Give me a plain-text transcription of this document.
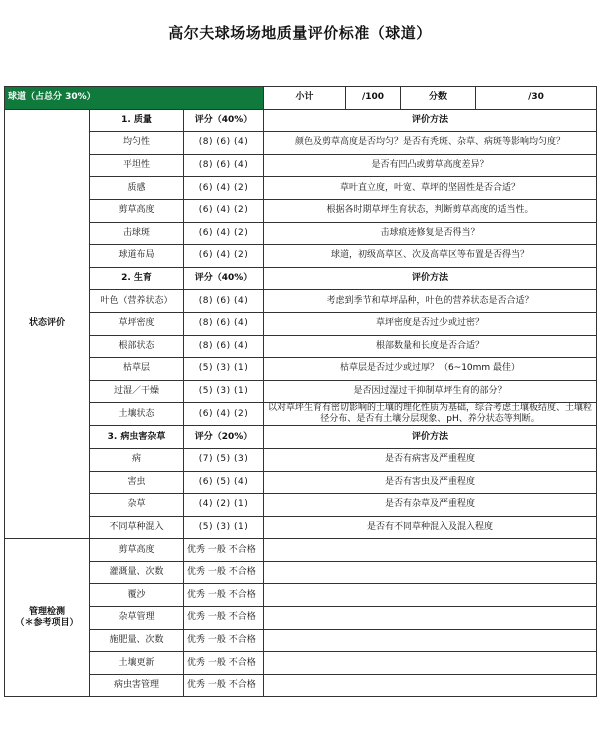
高尔夫球场场地质量评价标准（球道）
球道（占总分 30%）			小计	/100	分数	/30
状态评价	1. 质量	评分（40%）	评价方法			
	均匀性	(8) (6) (4)	颜色及剪草高度是否均匀？是否有秃斑、杂草、病斑等影响均匀度？			
	平坦性	(8) (6) (4)	是否有凹凸或剪草高度差异？			
	质感	(6) (4) (2)	草叶直立度，叶宽、草坪的坚固性是否合适？			
	剪草高度	(6) (4) (2)	根据各时期草坪生育状态，判断剪草高度的适当性。			
	击球斑	(6) (4) (2)	击球痕迹修复是否得当？			
	球道布局	(6) (4) (2)	球道，初级高草区、次及高草区等布置是否得当？			
	2. 生育	评分（40%）	评价方法			
	叶色（营养状态）	(8) (6) (4)	考虑到季节和草坪品种，叶色的营养状态是否合适？			
	草坪密度	(8) (6) (4)	草坪密度是否过少或过密？			
	根部状态	(8) (6) (4)	根部数量和长度是否合适？			
	枯草层	(5) (3) (1)	枯草层是否过少或过厚？（6~10mm 最佳）			
	过湿／干燥	(5) (3) (1)	是否因过湿过干抑制草坪生育的部分？			
	土壤状态	(6) (4) (2)	以对草坪生育有密切影响的土壤的理化性质为基础，综合考虑土壤板结度、土壤粒径分布、是否有土壤分层现象、pH、养分状态等判断。			
	3. 病虫害杂草	评分（20%）	评价方法			
	病	(7) (5) (3)	是否有病害及严重程度			
	害虫	(6) (5) (4)	是否有害虫及严重程度			
	杂草	(4) (2) (1)	是否有杂草及严重程度			
	不同草种混入	(5) (3) (1)	是否有不同草种混入及混入程度			

管理检测
（＊参考项目）	剪草高度	优秀 一般 不合格				
	灌溉量、次数	优秀 一般 不合格				
	覆沙	优秀 一般 不合格				
	杂草管理	优秀 一般 不合格				
	施肥量、次数	优秀 一般 不合格				
	土壤更新	优秀 一般 不合格				
	病虫害管理	优秀 一般 不合格				
